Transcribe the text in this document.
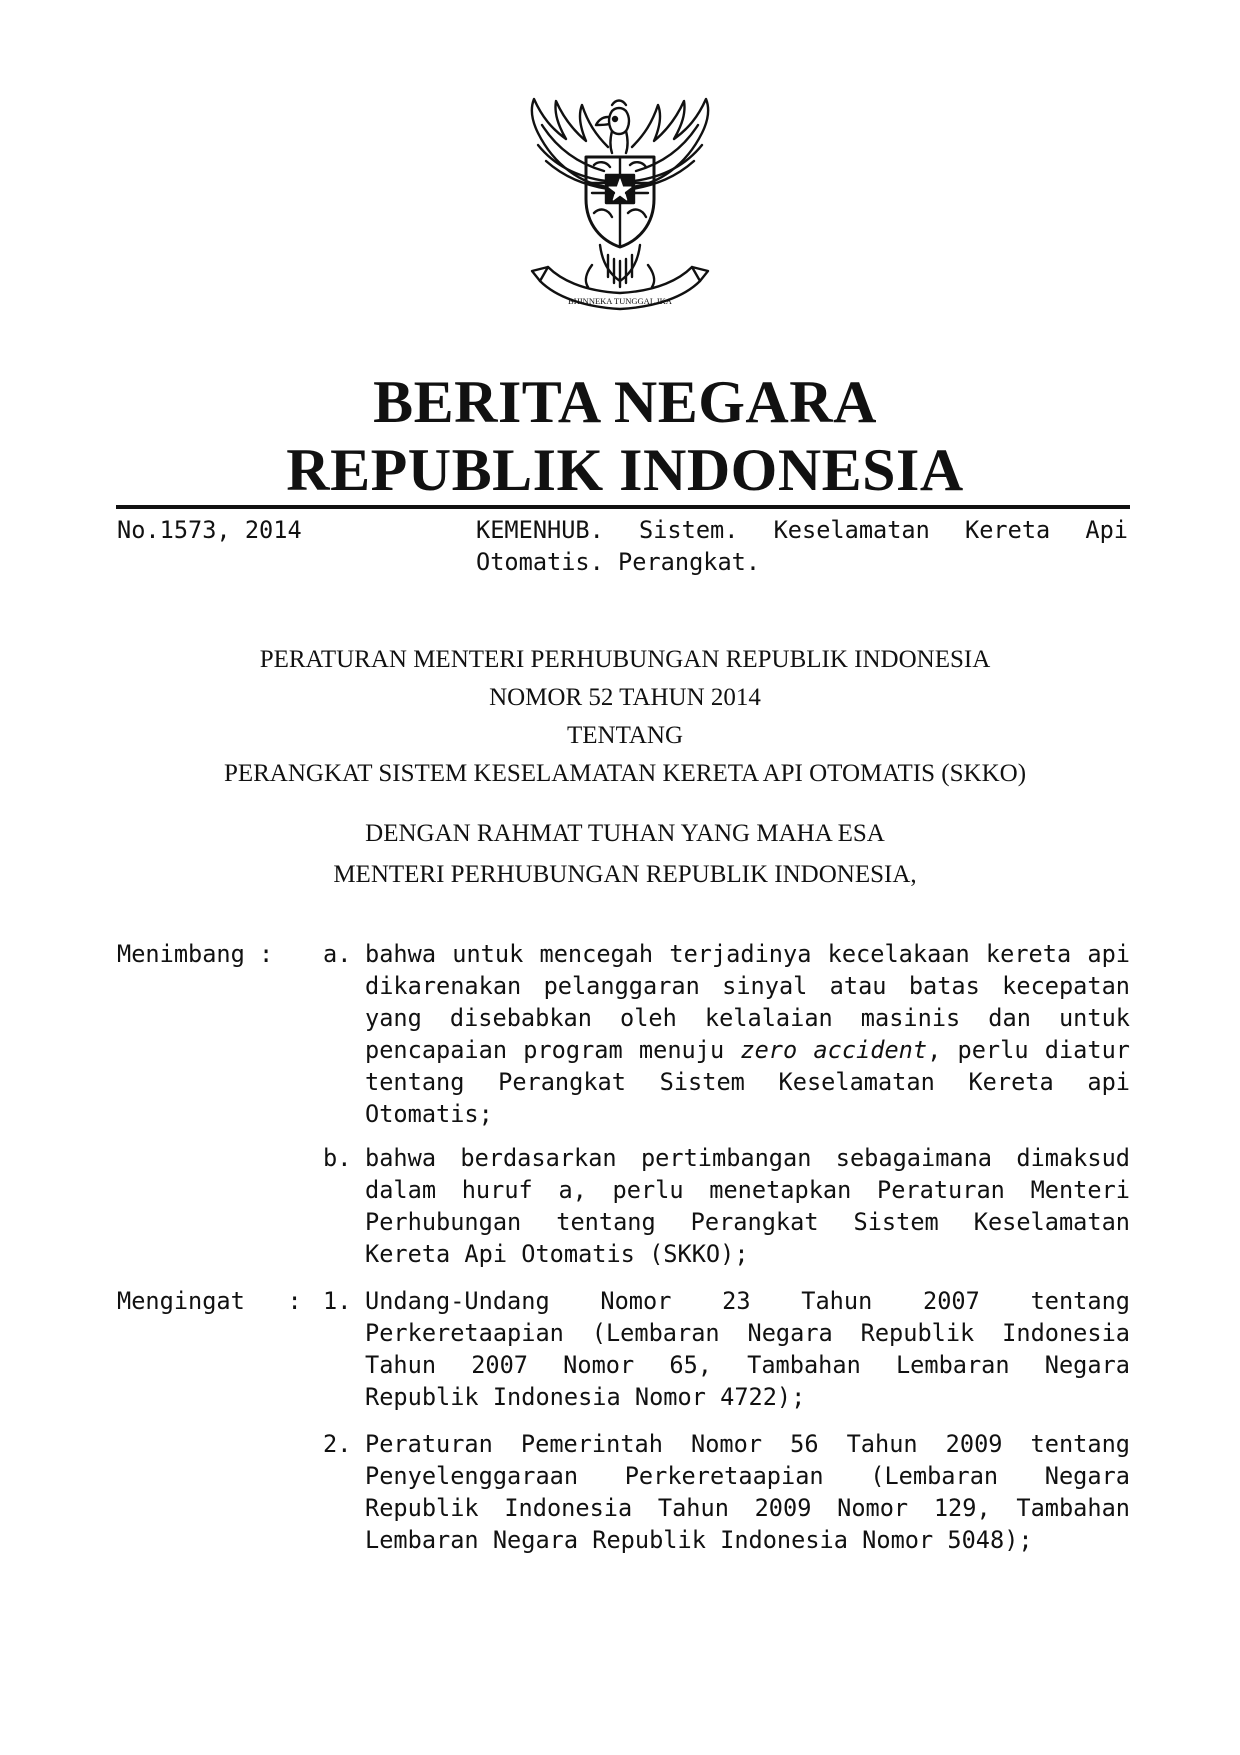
BHINNEKA TUNGGAL IKA
BERITA NEGARA
REPUBLIK INDONESIA
No.1573, 2014	KEMENHUB. Sistem. Keselamatan Kereta Api Otomatis. Perangkat.
PERATURAN MENTERI PERHUBUNGAN REPUBLIK INDONESIA
NOMOR 52 TAHUN 2014
TENTANG
PERANGKAT SISTEM KESELAMATAN KERETA API OTOMATIS (SKKO)
DENGAN RAHMAT TUHAN YANG MAHA ESA
MENTERI PERHUBUNGAN REPUBLIK INDONESIA,
Menimbang : a. bahwa untuk mencegah terjadinya kecelakaan kereta api dikarenakan pelanggaran sinyal atau batas kecepatan yang disebabkan oleh kelalaian masinis dan untuk pencapaian program menuju zero accident, perlu diatur tentang Perangkat Sistem Keselamatan Kereta api Otomatis;
b. bahwa berdasarkan pertimbangan sebagaimana dimaksud dalam huruf a, perlu menetapkan Peraturan Menteri Perhubungan tentang Perangkat Sistem Keselamatan Kereta Api Otomatis (SKKO);
Mengingat   : 1. Undang-Undang Nomor 23 Tahun 2007 tentang Perkeretaapian (Lembaran Negara Republik Indonesia Tahun 2007 Nomor 65, Tambahan Lembaran Negara Republik Indonesia Nomor 4722);
2. Peraturan Pemerintah Nomor 56 Tahun 2009 tentang Penyelenggaraan Perkeretaapian (Lembaran Negara Republik Indonesia Tahun 2009 Nomor 129, Tambahan Lembaran Negara Republik Indonesia Nomor 5048);
